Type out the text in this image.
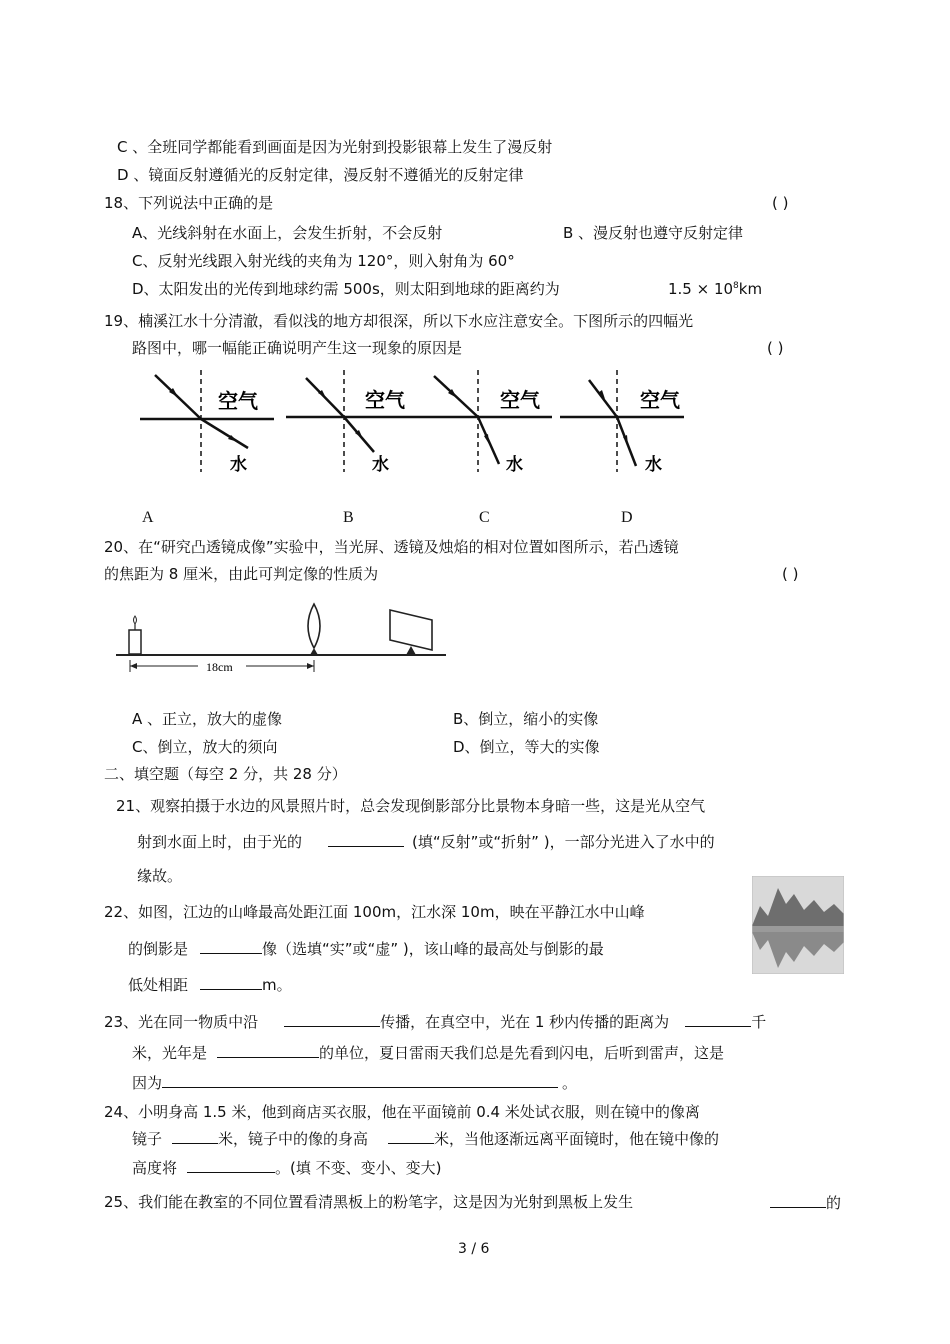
C 、全班同学都能看到画面是因为光射到投影银幕上发生了漫反射
D 、镜面反射遵循光的反射定律，漫反射不遵循光的反射定律
18、下列说法中正确的是	( )
A、光线斜射在水面上，会发生折射，不会反射	B 、漫反射也遵守反射定律
C、反射光线跟入射光线的夹角为 120°，则入射角为 60°
D、太阳发出的光传到地球约需 500s，则太阳到地球的距离约为	$1.5 \times 10^8km$
19、楠溪江水十分清澈，看似浅的地方却很深，所以下水应注意安全。下图所示的四幅光
路图中，哪一幅能正确说明产生这一现象的原因是	( )
空气
水
空气
水
空气
水
空气
水
A	B	C	D
20、在“研究凸透镜成像”实验中，当光屏、透镜及烛焰的相对位置如图所示，若凸透镜
的焦距为 8 厘米，由此可判定像的性质为	( )
18cm
A 、正立，放大的虚像	B、倒立，缩小的实像
C、倒立，放大的须向	D、倒立，等大的实像
二、填空题（每空 2 分，共 28 分）
21、观察拍摄于水边的风景照片时，总会发现倒影部分比景物本身暗一些，这是光从空气
射到水面上时，由于光的	(填“反射”或“折射” )，一部分光进入了水中的
缘故。
22、如图，江边的山峰最高处距江面 100m，江水深 10m，映在平静江水中山峰
的倒影是	像（选填“实”或“虚” )，该山峰的最高处与倒影的最
低处相距	m。
23、光在同一物质中沿	传播，在真空中，光在 1 秒内传播的距离为	千
米，光年是	的单位，夏日雷雨天我们总是先看到闪电，后听到雷声，这是
因为	。
24、小明身高 1.5 米，他到商店买衣服，他在平面镜前 0.4 米处试衣服，则在镜中的像离
镜子	米，镜子中的像的身高	米，当他逐渐远离平面镜时，他在镜中像的
高度将	。(填 不变、变小、变大)
25、我们能在教室的不同位置看清黑板上的粉笔字，这是因为光射到黑板上发生	的
3 / 6
